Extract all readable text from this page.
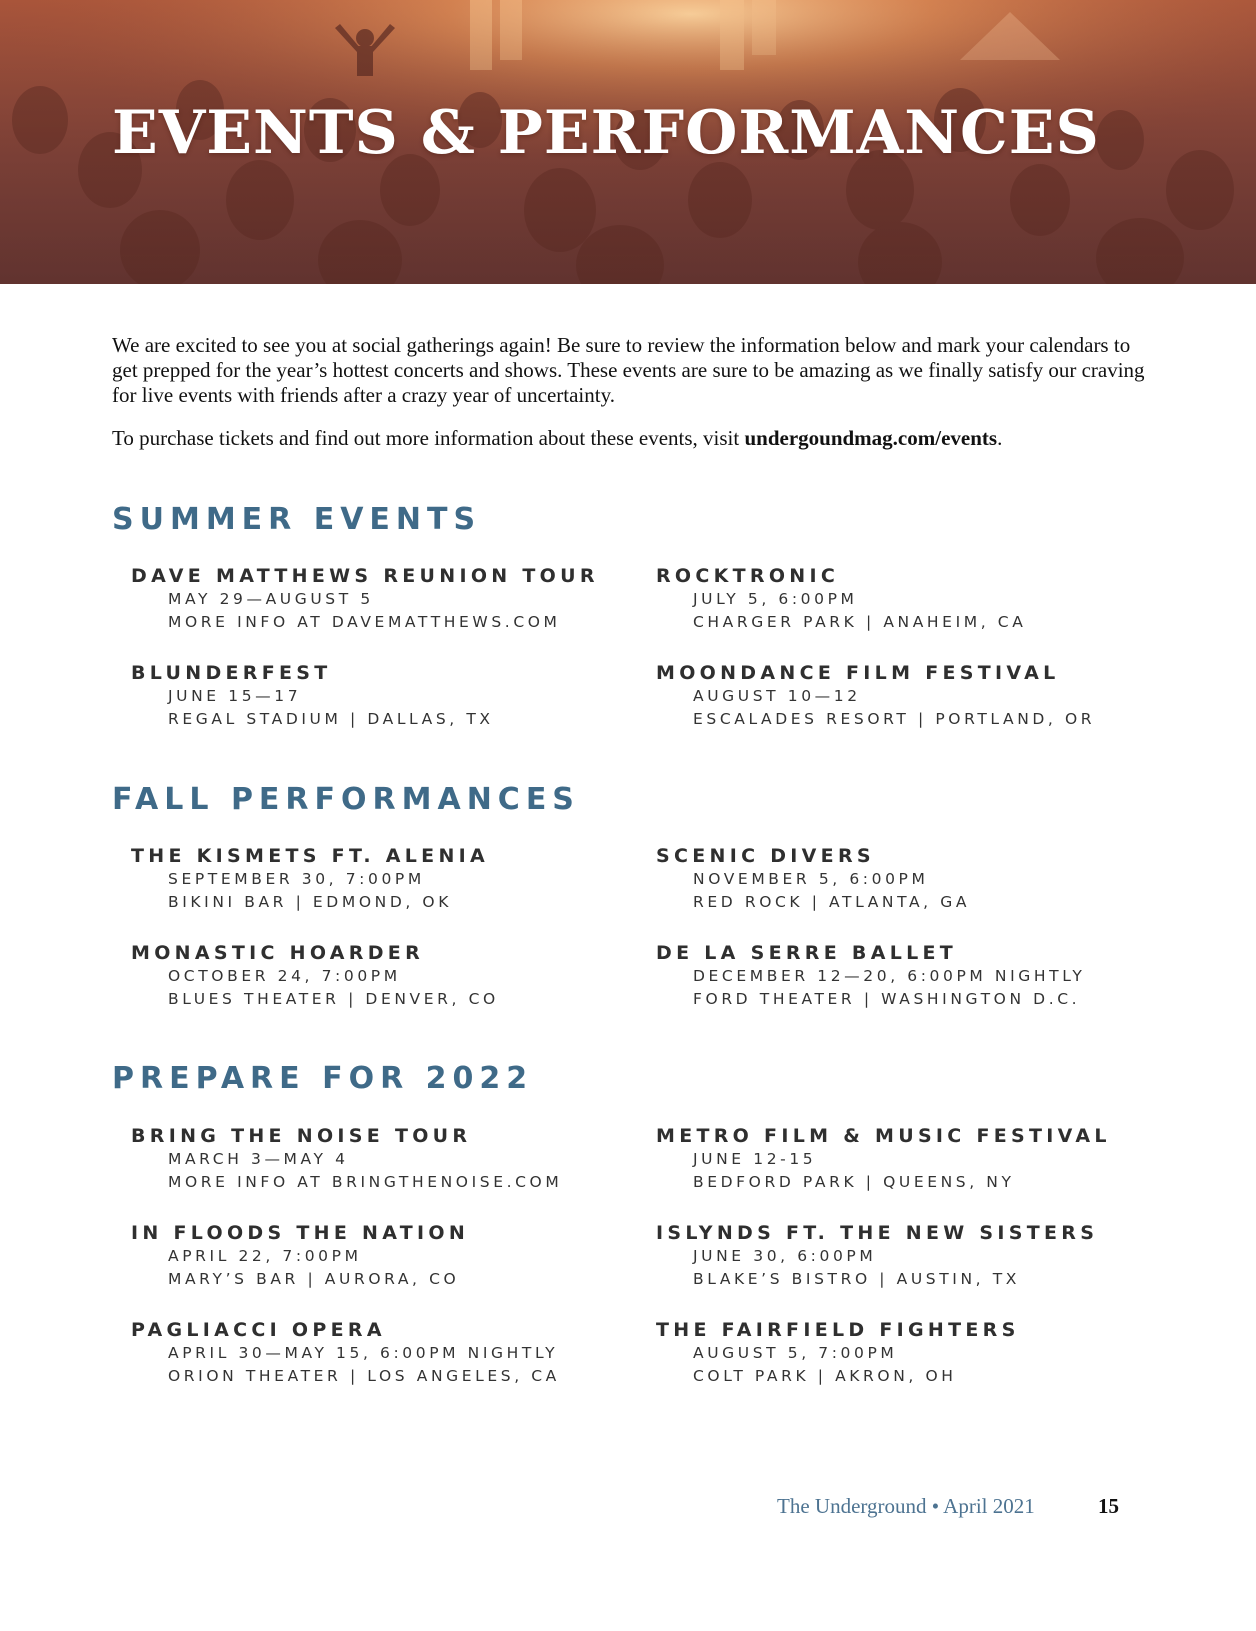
EVENTS & PERFORMANCES

We are excited to see you at social gatherings again! Be sure to review the information below and mark your calendars to get prepped for the year’s hottest concerts and shows. These events are sure to be amazing as we finally satisfy our craving for live events with friends after a crazy year of uncertainty.

To purchase tickets and find out more information about these events, visit undergoundmag.com/events.

SUMMER EVENTS
DAVE MATTHEWS REUNION TOUR
MAY 29—AUGUST 5
MORE INFO AT DAVEMATTHEWS.COM
ROCKTRONIC
JULY 5, 6:00PM
CHARGER PARK | ANAHEIM, CA
BLUNDERFEST
JUNE 15—17
REGAL STADIUM | DALLAS, TX
MOONDANCE FILM FESTIVAL
AUGUST 10—12
ESCALADES RESORT | PORTLAND, OR
FALL PERFORMANCES
THE KISMETS FT. ALENIA
SEPTEMBER 30, 7:00PM
BIKINI BAR | EDMOND, OK
SCENIC DIVERS
NOVEMBER 5, 6:00PM
RED ROCK | ATLANTA, GA
MONASTIC HOARDER
OCTOBER 24, 7:00PM
BLUES THEATER | DENVER, CO
DE LA SERRE BALLET
DECEMBER 12—20, 6:00PM NIGHTLY
FORD THEATER | WASHINGTON D.C.
PREPARE FOR 2022
BRING THE NOISE TOUR
MARCH 3—MAY 4
MORE INFO AT BRINGTHENOISE.COM
METRO FILM & MUSIC FESTIVAL
JUNE 12-15
BEDFORD PARK | QUEENS, NY
IN FLOODS THE NATION
APRIL 22, 7:00PM
MARY’S BAR | AURORA, CO
ISLYNDS FT. THE NEW SISTERS
JUNE 30, 6:00PM
BLAKE’S BISTRO | AUSTIN, TX
PAGLIACCI OPERA
APRIL 30—MAY 15, 6:00PM NIGHTLY
ORION THEATER | LOS ANGELES, CA
THE FAIRFIELD FIGHTERS
AUGUST 5, 7:00PM
COLT PARK | AKRON, OH
The Underground • April 2021	15
